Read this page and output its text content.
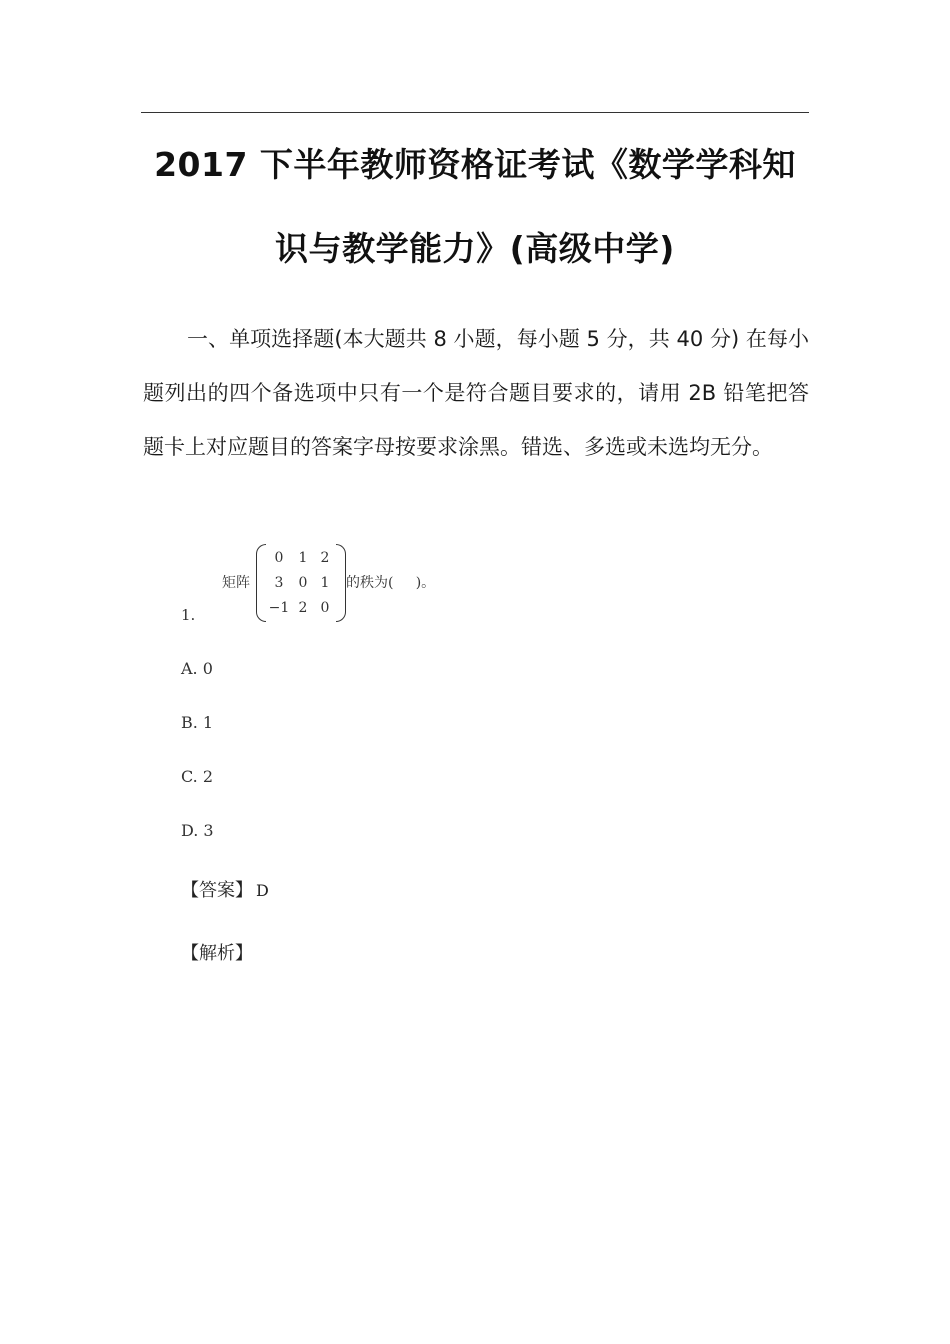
2017 下半年教师资格证考试《数学学科知
识与教学能力》(高级中学)

一、单项选择题(本大题共 8 小题，每小题 5 分，共 40 分) 在每小题列出的四个备选项中只有一个是符合题目要求的，请用 2B 铅笔把答题卡上对应题目的答案字母按要求涂黑。错选、多选或未选均无分。

1.
矩阵
0	1 2
3	0 1
−1 2 0
的秩为(     )。
A. 0
B. 1
C. 2
D. 3
【答案】 D
【解析】
